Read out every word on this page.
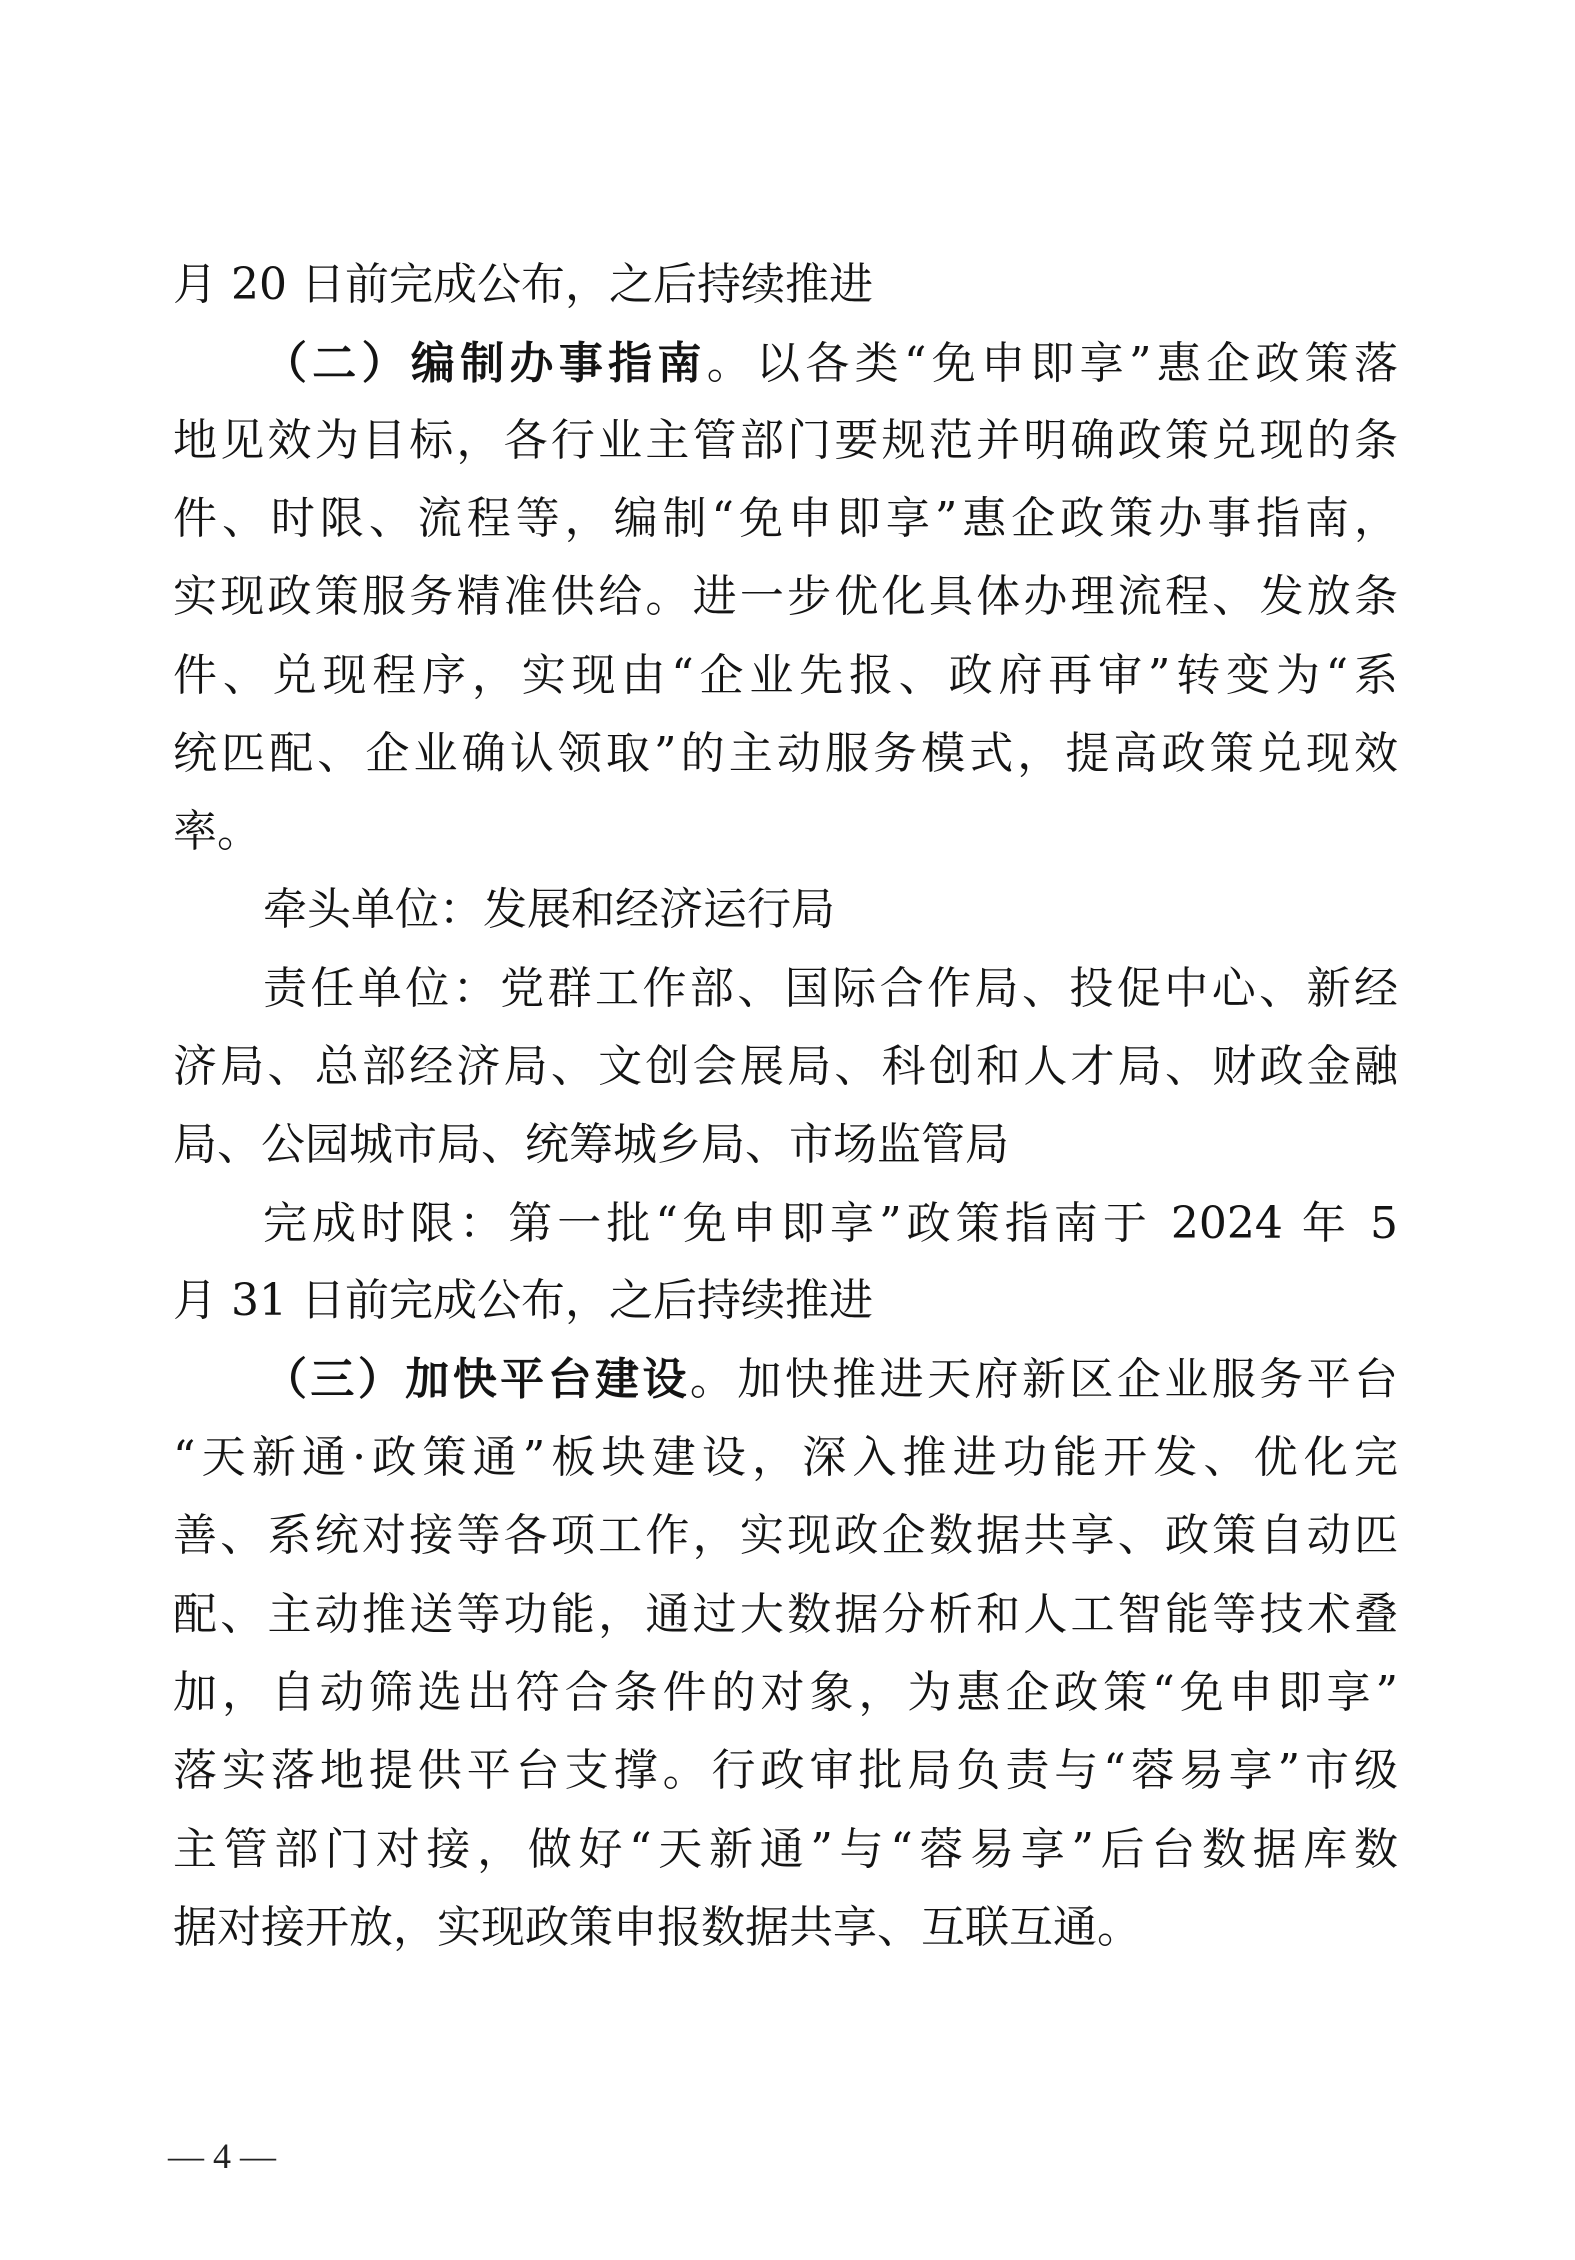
月 20 日前完成公布，之后持续推进
（二）编制办事指南。以各类“免申即享”惠企政策落
地见效为目标，各行业主管部门要规范并明确政策兑现的条
件、时限、流程等，编制“免申即享”惠企政策办事指南，
实现政策服务精准供给。进一步优化具体办理流程、发放条
件、兑现程序，实现由“企业先报、政府再审”转变为“系
统匹配、企业确认领取”的主动服务模式，提高政策兑现效
率。
牵头单位：发展和经济运行局
责任单位：党群工作部、国际合作局、投促中心、新经
济局、总部经济局、文创会展局、科创和人才局、财政金融
局、公园城市局、统筹城乡局、市场监管局
完成时限：第一批“免申即享”政策指南于 2024 年 5
月 31 日前完成公布，之后持续推进
（三）加快平台建设。加快推进天府新区企业服务平台
“天新通·政策通”板块建设，深入推进功能开发、优化完
善、系统对接等各项工作，实现政企数据共享、政策自动匹
配、主动推送等功能，通过大数据分析和人工智能等技术叠
加，自动筛选出符合条件的对象，为惠企政策“免申即享”
落实落地提供平台支撑。行政审批局负责与“蓉易享”市级
主管部门对接，做好“天新通”与“蓉易享”后台数据库数
据对接开放，实现政策申报数据共享、互联互通。
— 4 —
